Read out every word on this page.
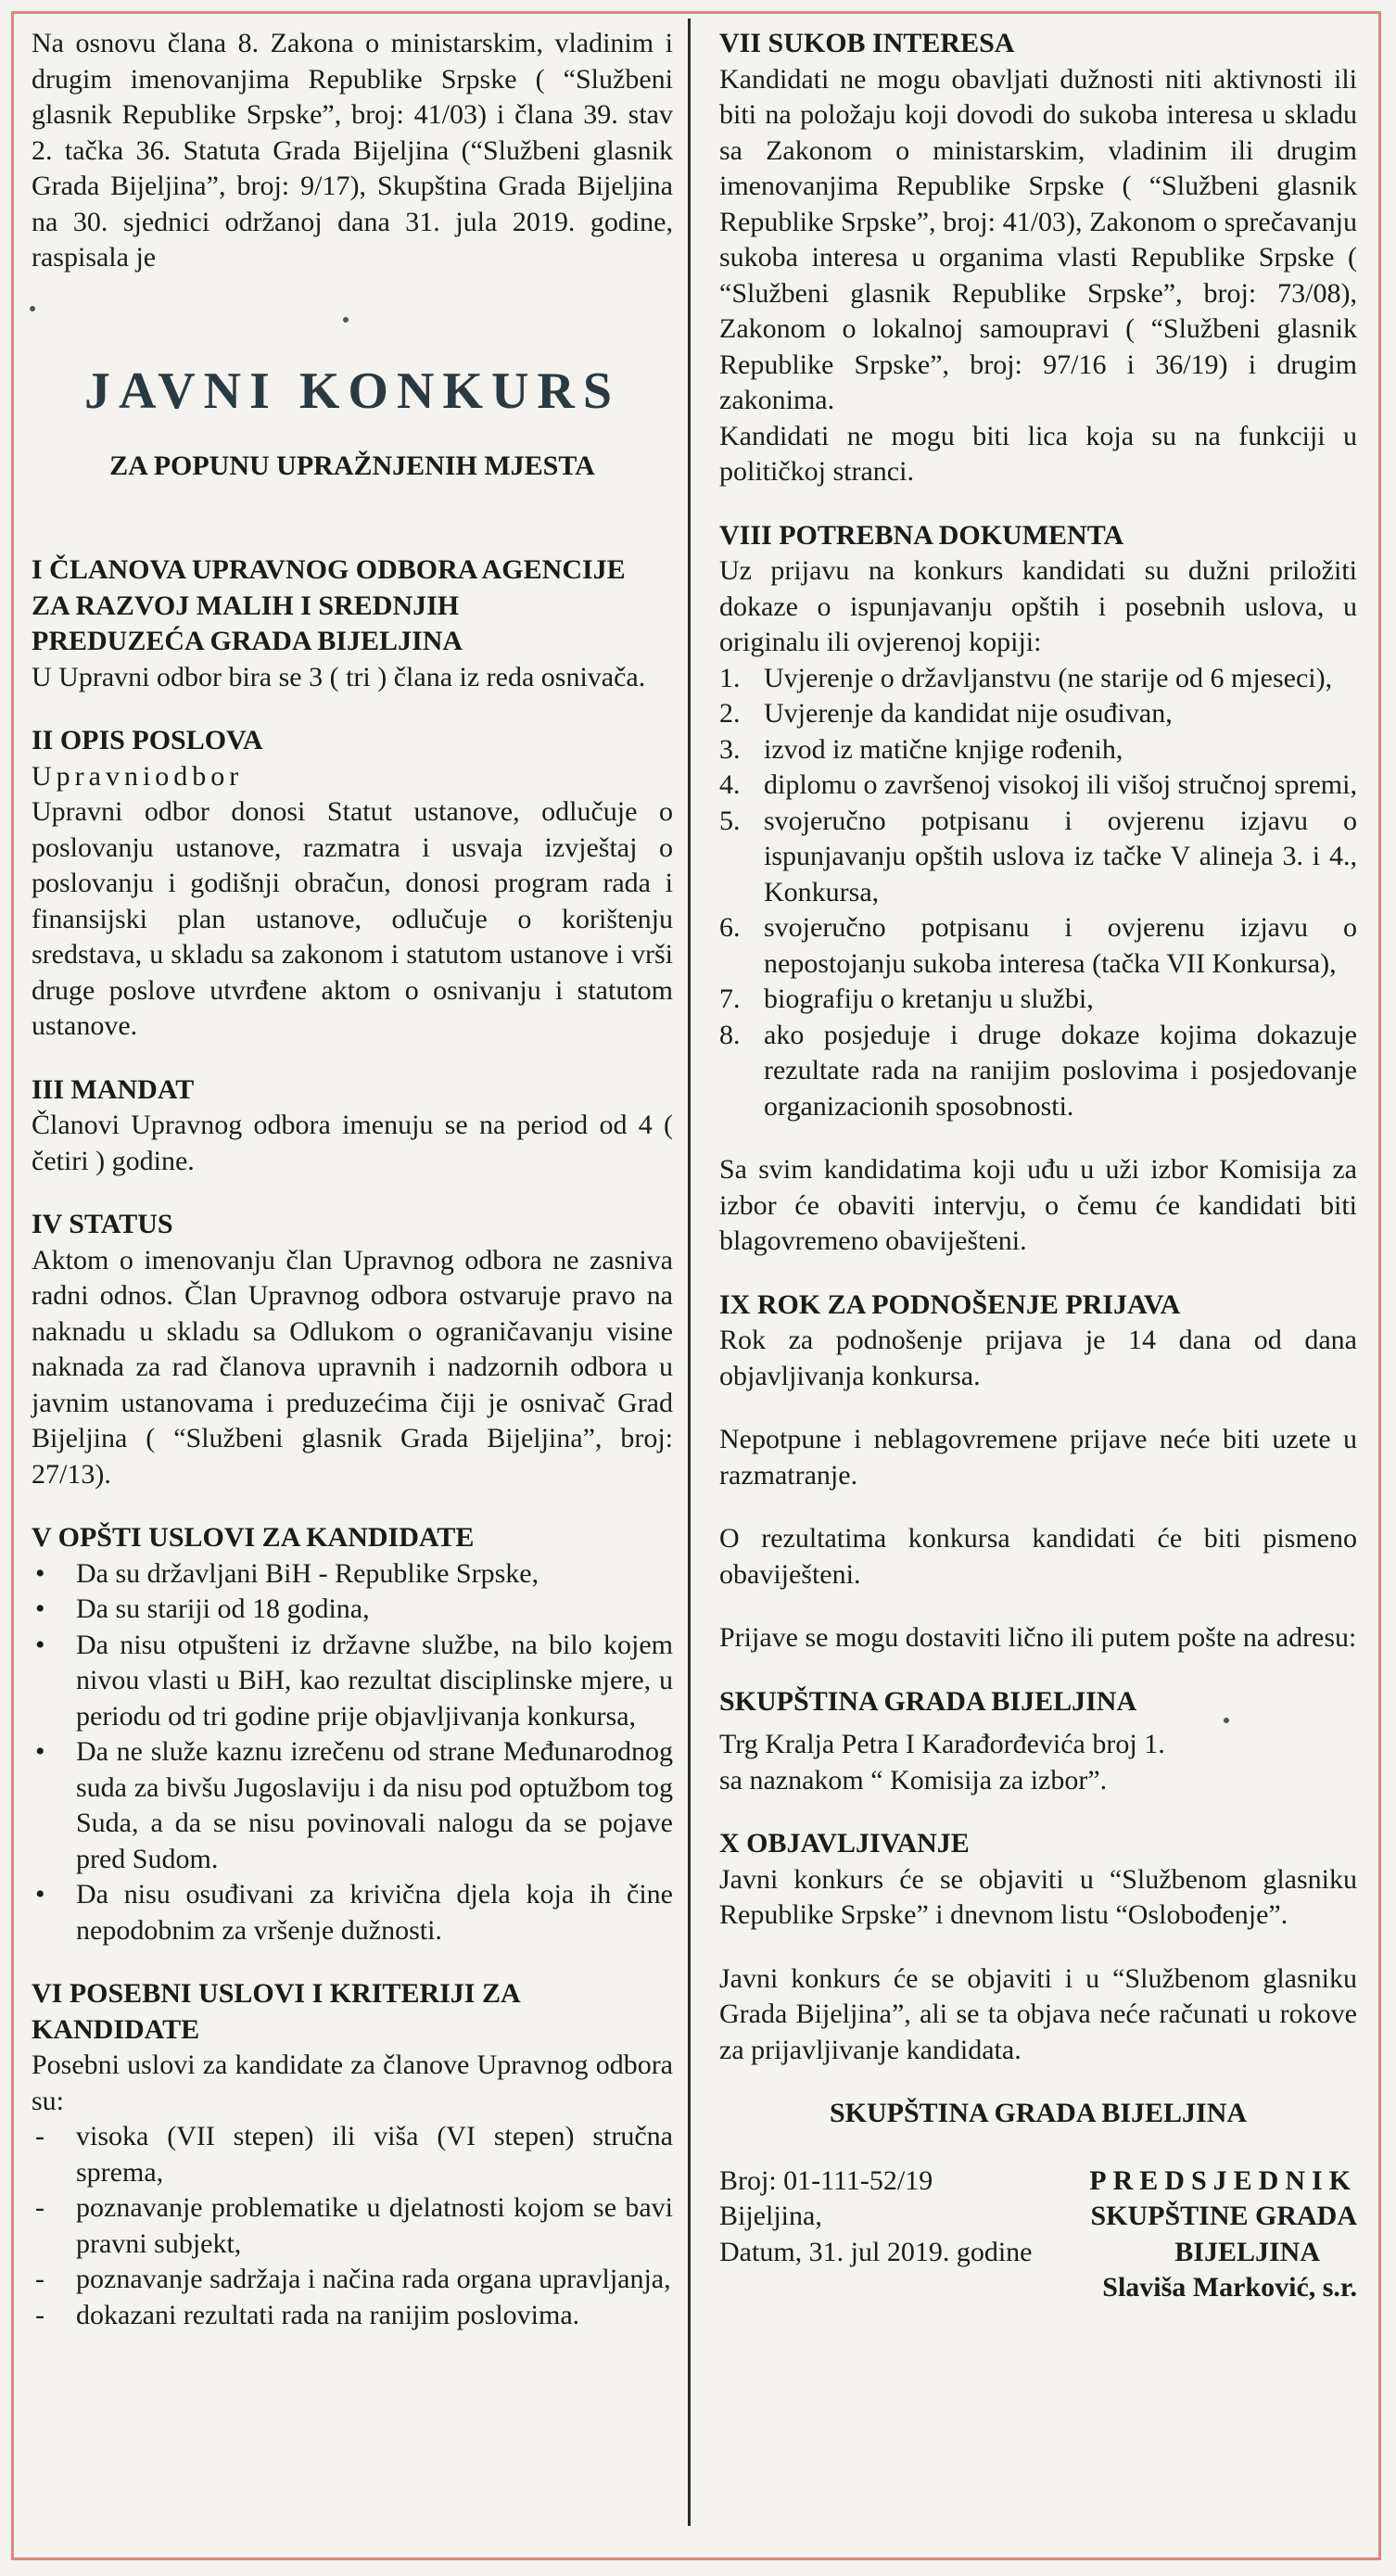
Na osnovu člana 8. Zakona o ministarskim, vladinim i drugim imenovanjima Republike Srpske ( “Službeni glasnik Republike Srpske”, broj: 41/03) i člana 39. stav 2. tačka 36. Statuta Grada Bijeljina (“Službeni glasnik Grada Bijeljina”, broj: 9/17), Skupština Grada Bijeljina na 30. sjednici održanoj dana 31. jula 2019. godine, raspisala je

JAVNI KONKURS
ZA POPUNU UPRAŽNJENIH MJESTA
I ČLANOVA UPRAVNOG ODBORA AGENCIJE
ZA RAZVOJ MALIH I SREDNJIH
PREDUZEĆA GRADA BIJELJINA

U Upravni odbor bira se 3 ( tri ) člana iz reda osnivača.

II OPIS POSLOVA
Upravniodbor

Upravni odbor donosi Statut ustanove, odlučuje o poslovanju ustanove, razmatra i usvaja izvještaj o poslovanju i godišnji obračun, donosi program rada i finansijski plan ustanove, odlučuje o korištenju sredstava, u skladu sa zakonom i statutom ustanove i vrši druge poslove utvrđene aktom o osnivanju i statutom ustanove.

III MANDAT

Članovi Upravnog odbora imenuju se na period od 4 ( četiri ) godine.

IV STATUS

Aktom o imenovanju član Upravnog odbora ne zasniva radni odnos. Član Upravnog odbora ostvaruje pravo na naknadu u skladu sa Odlukom o ograničavanju visine naknada za rad članova upravnih i nadzornih odbora u javnim ustanovama i preduzećima čiji je osnivač Grad Bijeljina ( “Službeni glasnik Grada Bijeljina”, broj: 27/13).

V OPŠTI USLOVI ZA KANDIDATE
• Da su državljani BiH - Republike Srpske,
• Da su stariji od 18 godina,
• Da nisu otpušteni iz državne službe, na bilo kojem nivou vlasti u BiH, kao rezultat disciplinske mjere, u periodu od tri godine prije objavljivanja konkursa,
• Da ne služe kaznu izrečenu od strane Međunarodnog suda za bivšu Jugoslaviju i da nisu pod optužbom tog Suda, a da se nisu povinovali nalogu da se pojave pred Sudom.
• Da nisu osuđivani za krivična djela koja ih čine nepodobnim za vršenje dužnosti.
VI POSEBNI USLOVI I KRITERIJI ZA KANDIDATE

Posebni uslovi za kandidate za članove Upravnog odbora su:

- visoka (VII stepen) ili viša (VI stepen) stručna sprema,
- poznavanje problematike u djelatnosti kojom se bavi pravni subjekt,
- poznavanje sadržaja i načina rada organa upravljanja,
- dokazani rezultati rada na ranijim poslovima.
VII SUKOB INTERESA

Kandidati ne mogu obavljati dužnosti niti aktivnosti ili biti na položaju koji dovodi do sukoba interesa u skladu sa Zakonom o ministarskim, vladinim ili drugim imenovanjima Republike Srpske ( “Službeni glasnik Republike Srpske”, broj: 41/03), Zakonom o sprečavanju sukoba interesa u organima vlasti Republike Srpske ( “Službeni glasnik Republike Srpske”, broj: 73/08), Zakonom o lokalnoj samoupravi ( “Službeni glasnik Republike Srpske”, broj: 97/16 i 36/19) i drugim zakonima.

Kandidati ne mogu biti lica koja su na funkciji u političkoj stranci.

VIII POTREBNA DOKUMENTA

Uz prijavu na konkurs kandidati su dužni priložiti dokaze o ispunjavanju opštih i posebnih uslova, u originalu ili ovjerenoj kopiji:

1. Uvjerenje o državljanstvu (ne starije od 6 mjeseci),
2. Uvjerenje da kandidat nije osuđivan,
3. izvod iz matične knjige rođenih,
4. diplomu o završenoj visokoj ili višoj stručnoj spremi,
5. svojeručno potpisanu i ovjerenu izjavu o ispunjavanju opštih uslova iz tačke V alineja 3. i 4., Konkursa,
6. svojeručno potpisanu i ovjerenu izjavu o nepostojanju sukoba interesa (tačka VII Konkursa),
7. biografiju o kretanju u službi,
8. ako posjeduje i druge dokaze kojima dokazuje rezultate rada na ranijim poslovima i posjedovanje organizacionih sposobnosti.

Sa svim kandidatima koji uđu u uži izbor Komisija za izbor će obaviti intervju, o čemu će kandidati biti blagovremeno obaviješteni.

IX ROK ZA PODNOŠENJE PRIJAVA

Rok za podnošenje prijava je 14 dana od dana objavljivanja konkursa.

Nepotpune i neblagovremene prijave neće biti uzete u razmatranje.

O rezultatima konkursa kandidati će biti pismeno obaviješteni.

Prijave se mogu dostaviti lično ili putem pošte na adresu:

SKUPŠTINA GRADA BIJELJINA

Trg Kralja Petra I Karađorđevića broj 1.

sa naznakom “ Komisija za izbor”.

X OBJAVLJIVANJE

Javni konkurs će se objaviti u “Službenom glasniku Republike Srpske” i dnevnom listu “Oslobođenje”.

Javni konkurs će se objaviti i u “Službenom glasniku Grada Bijeljina”, ali se ta objava neće računati u rokove za prijavljivanje kandidata.

SKUPŠTINA GRADA BIJELJINA
Broj: 01-111-52/19
Bijeljina,
Datum, 31. jul 2019. godine
PREDSJEDNIK
SKUPŠTINE GRADA
BIJELJINA
Slaviša Marković, s.r.
